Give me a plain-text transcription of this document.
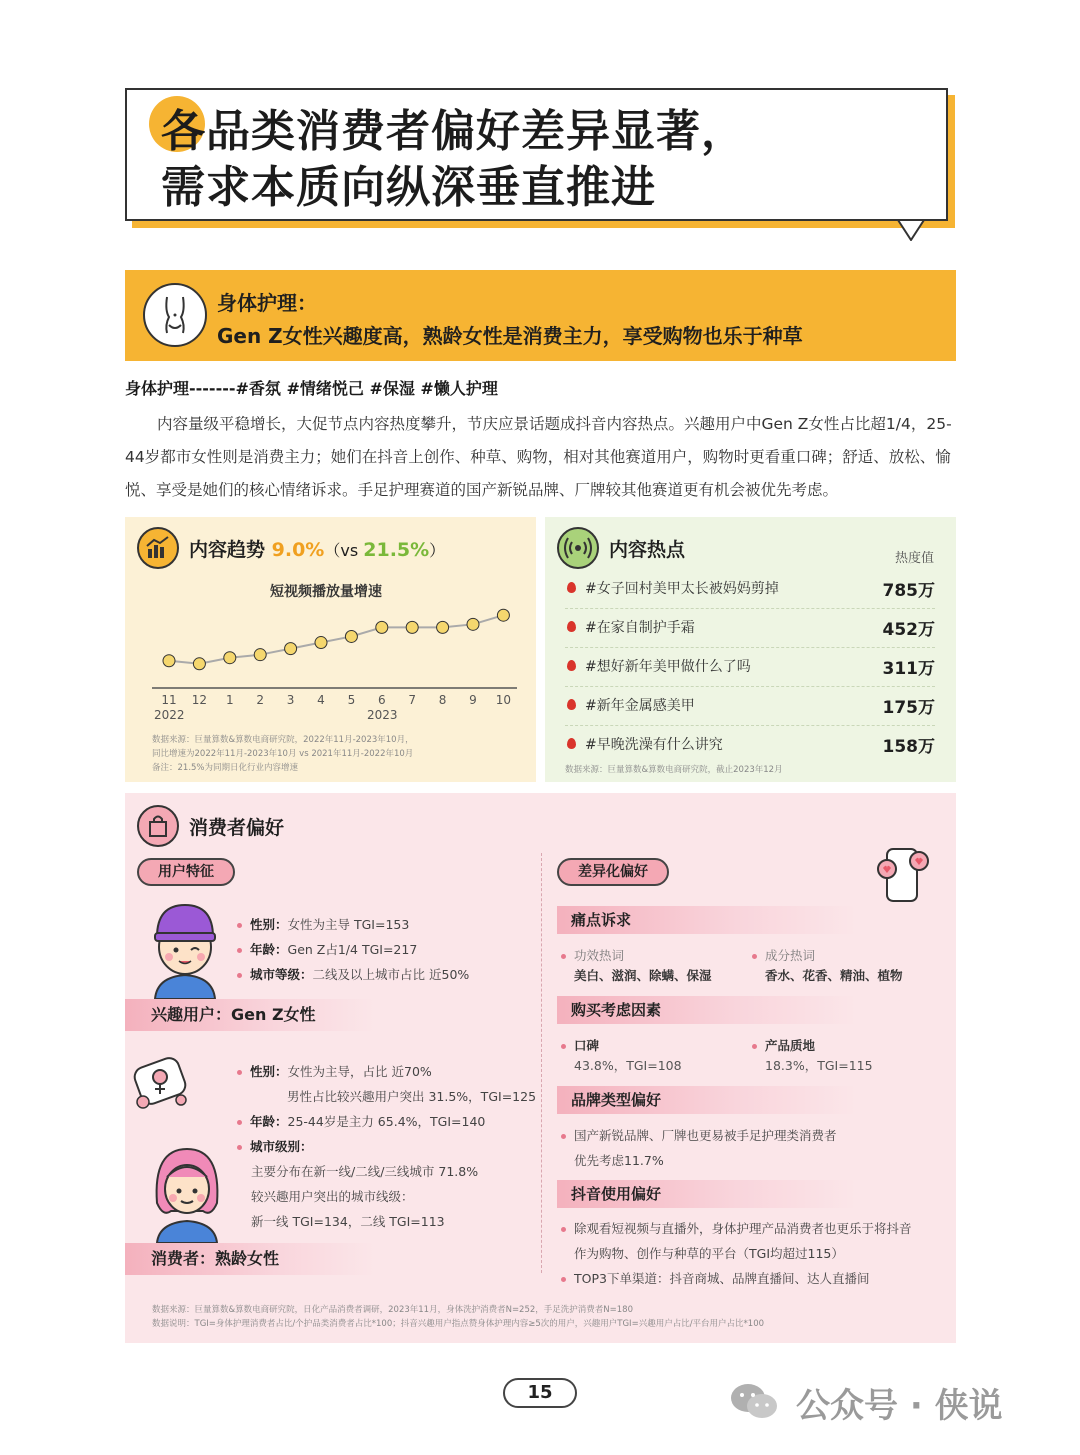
各品类消费者偏好差异显著，
需求本质向纵深垂直推进
身体护理：
Gen Z女性兴趣度高，熟龄女性是消费主力，享受购物也乐于种草
身体护理-------#香氛 #情绪悦己 #保湿 #懒人护理
内容量级平稳增长，大促节点内容热度攀升，节庆应景话题成抖音内容热点。兴趣用户中Gen Z女性占比超1/4，25-44岁都市女性则是消费主力；她们在抖音上创作、种草、购物，相对其他赛道用户，购物时更看重口碑；舒适、放松、愉悦、享受是她们的核心情绪诉求。手足护理赛道的国产新锐品牌、厂牌较其他赛道更有机会被优先考虑。
内容趋势 9.0%（vs 21.5%）
短视频播放量增速
11 12	1	2	3	4	5	6	7	8	9	10
2022	2023
数据来源：巨量算数&算数电商研究院，2022年11月-2023年10月，
同比增速为2022年11月-2023年10月 vs 2021年11月-2022年10月
备注：21.5%为同期日化行业内容增速
内容热点	热度值
#女子回村美甲太长被妈妈剪掉	785万
#在家自制护手霜	452万
#想好新年美甲做什么了吗	311万
#新年金属感美甲	175万
#早晚洗澡有什么讲究	158万
数据来源：巨量算数&算数电商研究院，截止2023年12月
消费者偏好
用户特征
性别：女性为主导 TGI=153
年龄：Gen Z占1/4 TGI=217
城市等级：二线及以上城市占比 近50%
兴趣用户：Gen Z女性
性别：女性为主导，占比 近70%
男性占比较兴趣用户突出 31.5%，TGI=125
年龄：25-44岁是主力 65.4%，TGI=140
城市级别：
主要分布在新一线/二线/三线城市 71.8%
较兴趣用户突出的城市线级：
新一线 TGI=134，二线 TGI=113
消费者：熟龄女性
差异化偏好
痛点诉求
功效热词
美白、滋润、除螨、保湿
成分热词
香水、花香、精油、植物
购买考虑因素
口碑
43.8%，TGI=108
产品质地
18.3%，TGI=115
品牌类型偏好
国产新锐品牌、厂牌也更易被手足护理类消费者
优先考虑11.7%
抖音使用偏好
除观看短视频与直播外，身体护理产品消费者也更乐于将抖音
作为购物、创作与种草的平台（TGI均超过115）
TOP3下单渠道：抖音商城、品牌直播间、达人直播间
数据来源：巨量算数&算数电商研究院，日化产品消费者调研，2023年11月，身体洗护消费者N=252，手足洗护消费者N=180
数据说明：TGI=身体护理消费者占比/个护品类消费者占比*100；抖音兴趣用户指点赞身体护理内容≥5次的用户，兴趣用户TGI=兴趣用户占比/平台用户占比*100
15	公众号 · 侠说
